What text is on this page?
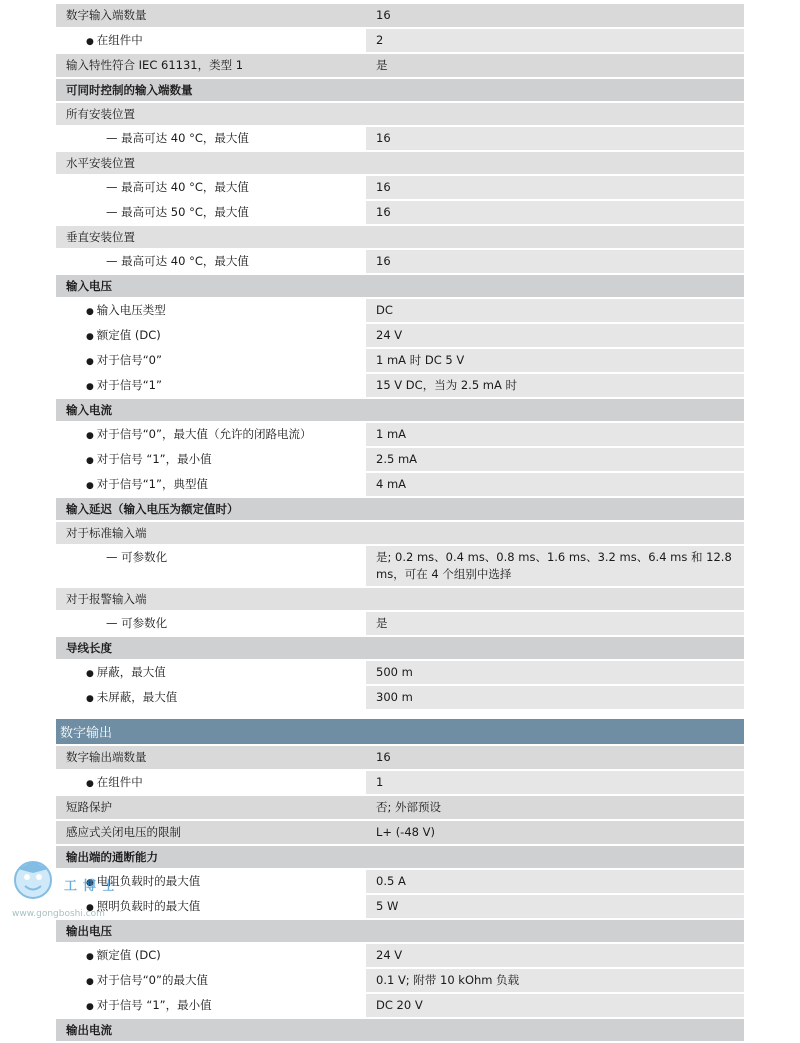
数字输入端数量	16
● 在组件中	2
输入特性符合 IEC 61131，类型 1	是
可同时控制的输入端数量
所有安装位置
— 最高可达 40 °C，最大值	16
水平安装位置
— 最高可达 40 °C，最大值	16
— 最高可达 50 °C，最大值	16
垂直安装位置
— 最高可达 40 °C，最大值	16
输入电压
● 输入电压类型	DC
● 额定值 (DC)	24 V
● 对于信号“0”	1 mA 时 DC 5 V
● 对于信号“1”	15 V DC，当为 2.5 mA 时
输入电流
● 对于信号“0”，最大值（允许的闭路电流）	1 mA
● 对于信号 “1”，最小值	2.5 mA
● 对于信号“1”，典型值	4 mA
输入延迟（输入电压为额定值时）
对于标准输入端
— 可参数化	是; 0.2 ms、0.4 ms、0.8 ms、1.6 ms、3.2 ms、6.4 ms 和 12.8 ms，可在 4 个组别中选择
对于报警输入端
— 可参数化	是
导线长度
● 屏蔽，最大值	500 m
● 未屏蔽，最大值	300 m
数字输出
数字输出端数量	16
● 在组件中	1
短路保护	否; 外部预设
感应式关闭电压的限制	L+ (-48 V)
输出端的通断能力
● 电阻负载时的最大值	0.5 A
● 照明负载时的最大值	5 W
输出电压
● 额定值 (DC)	24 V
● 对于信号“0”的最大值	0.1 V; 附带 10 kOhm 负载
● 对于信号 “1”，最小值	DC 20 V
输出电流
工博士
www.gongboshi.com
